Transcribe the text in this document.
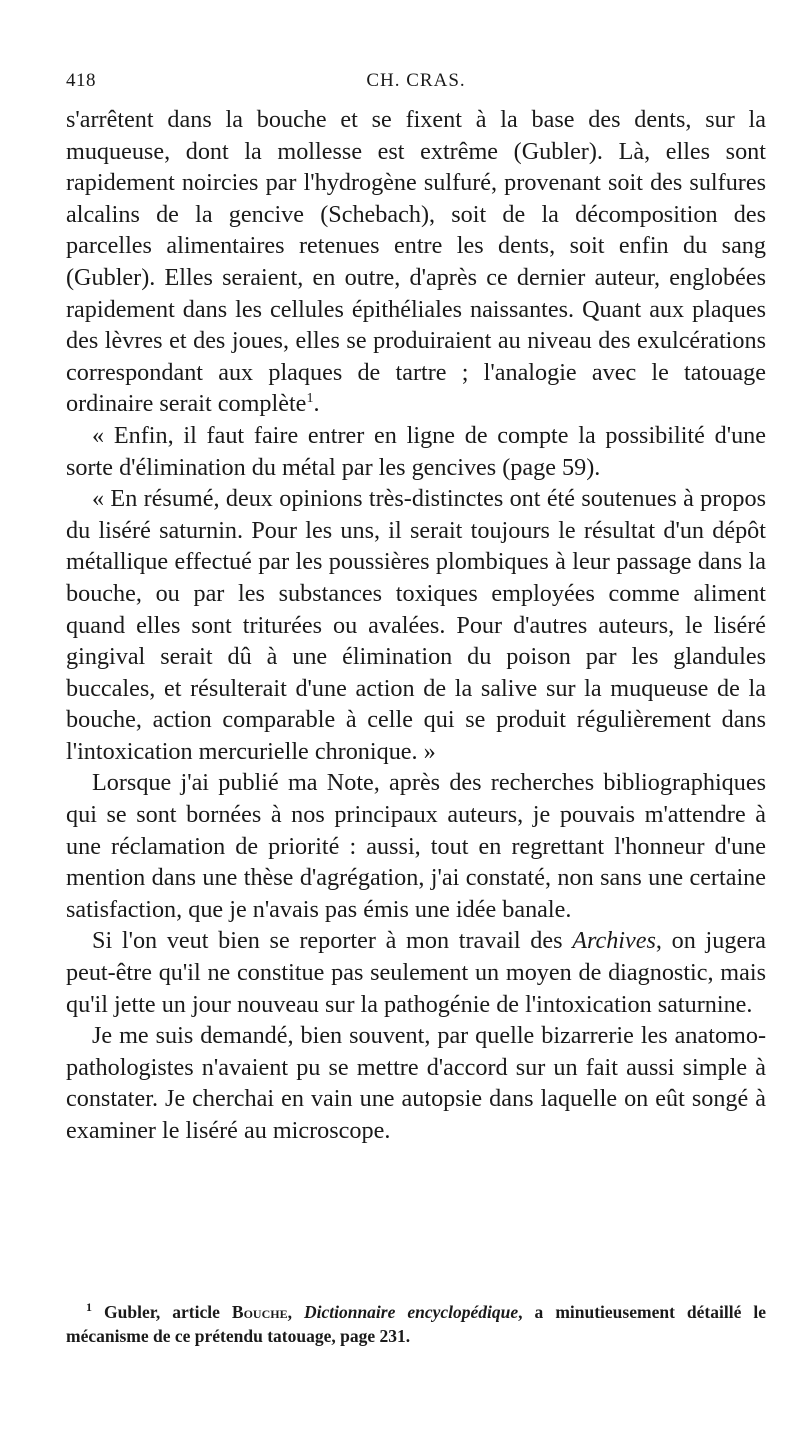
418	CH. CRAS.

s'arrêtent dans la bouche et se fixent à la base des dents, sur la muqueuse, dont la mollesse est extrême (Gubler). Là, elles sont rapidement noircies par l'hydrogène sulfuré, provenant soit des sulfures alcalins de la gencive (Schebach), soit de la décomposition des parcelles alimentaires retenues entre les dents, soit enfin du sang (Gubler). Elles seraient, en outre, d'après ce dernier auteur, englobées rapidement dans les cellules épithéliales naissantes. Quant aux plaques des lèvres et des joues, elles se produiraient au niveau des exulcérations correspondant aux plaques de tartre ; l'analogie avec le tatouage ordinaire serait complète$^1$.

« Enfin, il faut faire entrer en ligne de compte la possibilité d'une sorte d'élimination du métal par les gencives (page 59).

« En résumé, deux opinions très-distinctes ont été soutenues à propos du liséré saturnin. Pour les uns, il serait toujours le résultat d'un dépôt métallique effectué par les poussières plombiques à leur passage dans la bouche, ou par les substances toxiques employées comme aliment quand elles sont triturées ou avalées. Pour d'autres auteurs, le liséré gingival serait dû à une élimination du poison par les glandules buccales, et résulterait d'une action de la salive sur la muqueuse de la bouche, action comparable à celle qui se produit régulièrement dans l'intoxication mercurielle chronique. »

Lorsque j'ai publié ma Note, après des recherches bibliographiques qui se sont bornées à nos principaux auteurs, je pouvais m'attendre à une réclamation de priorité : aussi, tout en regrettant l'honneur d'une mention dans une thèse d'agrégation, j'ai constaté, non sans une certaine satisfaction, que je n'avais pas émis une idée banale.

Si l'on veut bien se reporter à mon travail des Archives, on jugera peut-être qu'il ne constitue pas seulement un moyen de diagnostic, mais qu'il jette un jour nouveau sur la pathogénie de l'intoxication saturnine.

Je me suis demandé, bien souvent, par quelle bizarrerie les anatomo-pathologistes n'avaient pu se mettre d'accord sur un fait aussi simple à constater. Je cherchai en vain une autopsie dans laquelle on eût songé à examiner le liséré au microscope.

$^1$ Gubler, article Bouche, Dictionnaire encyclopédique, a minutieusement détaillé le mécanisme de ce prétendu tatouage, page 231.
